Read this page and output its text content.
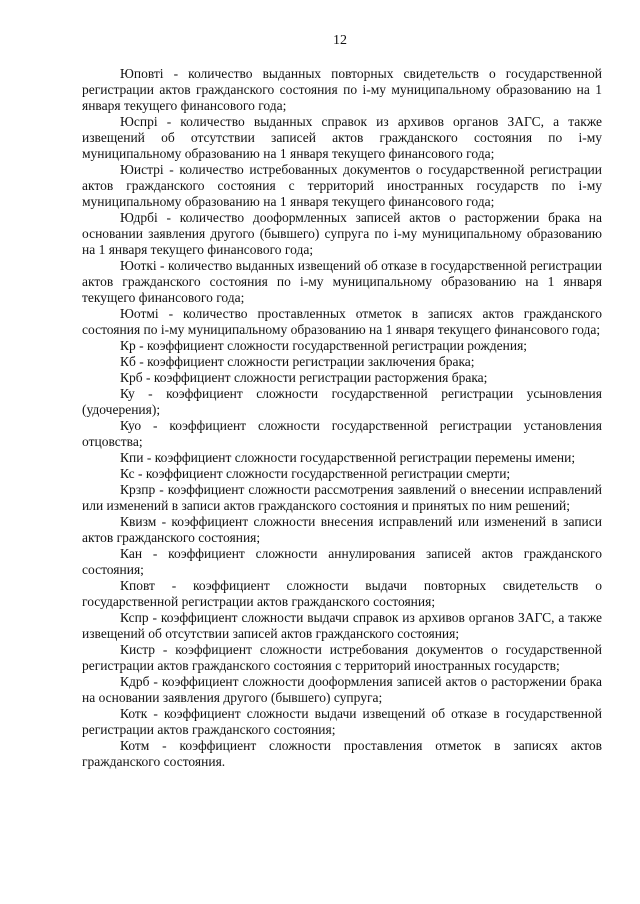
12

Юповті - количество выданных повторных свидетельств о государственной регистрации актов гражданского состояния по і-му муниципальному образованию на 1 января текущего финансового года;

Юспрі - количество выданных справок из архивов органов ЗАГС, а также извещений об отсутствии записей актов гражданского состояния по і-му муниципальному образованию на 1 января текущего финансового года;

Юистрі - количество истребованных документов о государственной регистрации актов гражданского состояния с территорий иностранных государств по і-му муниципальному образованию на 1 января текущего финансового года;

Юдрбі - количество дооформленных записей актов о расторжении брака на основании заявления другого (бывшего) супруга по і-му муниципальному образованию на 1 января текущего финансового года;

Юоткі - количество выданных извещений об отказе в государственной регистрации актов гражданского состояния по і-му муниципальному образованию на 1 января текущего финансового года;

Юотмі - количество проставленных отметок в записях актов гражданского состояния по і-му муниципальному образованию на 1 января текущего финансового года;

Кр - коэффициент сложности государственной регистрации рождения;

Кб - коэффициент сложности регистрации заключения брака;

Крб - коэффициент сложности регистрации расторжения брака;

Ку - коэффициент сложности государственной регистрации усыновления (удочерения);

Куо - коэффициент сложности государственной регистрации установления отцовства;

Кпи - коэффициент сложности государственной регистрации перемены имени;

Кс - коэффициент сложности государственной регистрации смерти;

Крзпр - коэффициент сложности рассмотрения заявлений о внесении исправлений или изменений в записи актов гражданского состояния и принятых по ним решений;

Квизм - коэффициент сложности внесения исправлений или изменений в записи актов гражданского состояния;

Кан - коэффициент сложности аннулирования записей актов гражданского состояния;

Кповт - коэффициент сложности выдачи повторных свидетельств о государственной регистрации актов гражданского состояния;

Кспр - коэффициент сложности выдачи справок из архивов органов ЗАГС, а также извещений об отсутствии записей актов гражданского состояния;

Кистр - коэффициент сложности истребования документов о государственной регистрации актов гражданского состояния с территорий иностранных государств;

Кдрб - коэффициент сложности дооформления записей актов о расторжении брака на основании заявления другого (бывшего) супруга;

Котк - коэффициент сложности выдачи извещений об отказе в государственной регистрации актов гражданского состояния;

Котм - коэффициент сложности проставления отметок в записях актов гражданского состояния.
